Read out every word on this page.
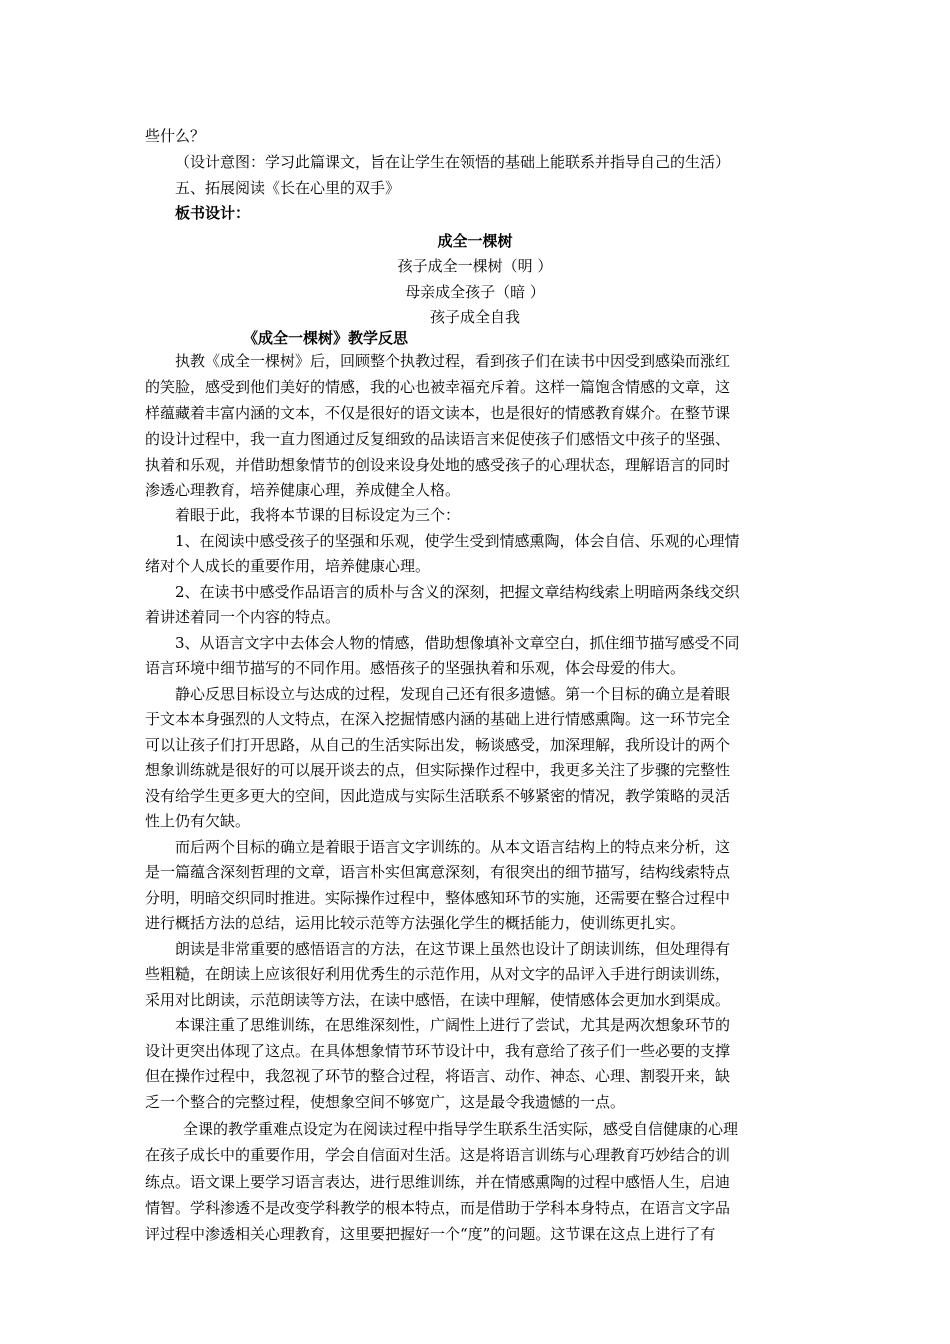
些什么？
（设计意图：学习此篇课文，旨在让学生在领悟的基础上能联系并指导自己的生活）
五、拓展阅读《长在心里的双手》
板书设计：
成全一棵树
孩子成全一棵树（明 ）
母亲成全孩子（暗 ）
孩子成全自我
《成全一棵树》教学反思
执教《成全一棵树》后，回顾整个执教过程，看到孩子们在读书中因受到感染而涨红
的笑脸，感受到他们美好的情感，我的心也被幸福充斥着。这样一篇饱含情感的文章，这
样蕴藏着丰富内涵的文本，不仅是很好的语文读本，也是很好的情感教育媒介。在整节课
的设计过程中，我一直力图通过反复细致的品读语言来促使孩子们感悟文中孩子的坚强、
执着和乐观，并借助想象情节的创设来设身处地的感受孩子的心理状态，理解语言的同时
渗透心理教育，培养健康心理，养成健全人格。
着眼于此，我将本节课的目标设定为三个：
1、在阅读中感受孩子的坚强和乐观，使学生受到情感熏陶，体会自信、乐观的心理情
绪对个人成长的重要作用，培养健康心理。
2、在读书中感受作品语言的质朴与含义的深刻，把握文章结构线索上明暗两条线交织
着讲述着同一个内容的特点。
3、从语言文字中去体会人物的情感，借助想像填补文章空白，抓住细节描写感受不同
语言环境中细节描写的不同作用。感悟孩子的坚强执着和乐观，体会母爱的伟大。
静心反思目标设立与达成的过程，发现自己还有很多遗憾。第一个目标的确立是着眼
于文本本身强烈的人文特点，在深入挖掘情感内涵的基础上进行情感熏陶。这一环节完全
可以让孩子们打开思路，从自己的生活实际出发，畅谈感受，加深理解，我所设计的两个
想象训练就是很好的可以展开谈去的点，但实际操作过程中，我更多关注了步骤的完整性
没有给学生更多更大的空间，因此造成与实际生活联系不够紧密的情况，教学策略的灵活
性上仍有欠缺。
而后两个目标的确立是着眼于语言文字训练的。从本文语言结构上的特点来分析，这
是一篇蕴含深刻哲理的文章，语言朴实但寓意深刻，有很突出的细节描写，结构线索特点
分明，明暗交织同时推进。实际操作过程中，整体感知环节的实施，还需要在整合过程中
进行概括方法的总结，运用比较示范等方法强化学生的概括能力，使训练更扎实。
朗读是非常重要的感悟语言的方法，在这节课上虽然也设计了朗读训练，但处理得有
些粗糙，在朗读上应该很好利用优秀生的示范作用，从对文字的品评入手进行朗读训练，
采用对比朗读，示范朗读等方法，在读中感悟，在读中理解，使情感体会更加水到渠成。
本课注重了思维训练，在思维深刻性，广阔性上进行了尝试，尤其是两次想象环节的
设计更突出体现了这点。在具体想象情节环节设计中，我有意给了孩子们一些必要的支撑
但在操作过程中，我忽视了环节的整合过程，将语言、动作、神态、心理、割裂开来，缺
乏一个整合的完整过程，使想象空间不够宽广，这是最令我遗憾的一点。
全课的教学重难点设定为在阅读过程中指导学生联系生活实际，感受自信健康的心理
在孩子成长中的重要作用，学会自信面对生活。这是将语言训练与心理教育巧妙结合的训
练点。语文课上要学习语言表达，进行思维训练，并在情感熏陶的过程中感悟人生，启迪
情智。学科渗透不是改变学科教学的根本特点，而是借助于学科本身特点，在语言文字品
评过程中渗透相关心理教育，这里要把握好一个“度”的问题。这节课在这点上进行了有
